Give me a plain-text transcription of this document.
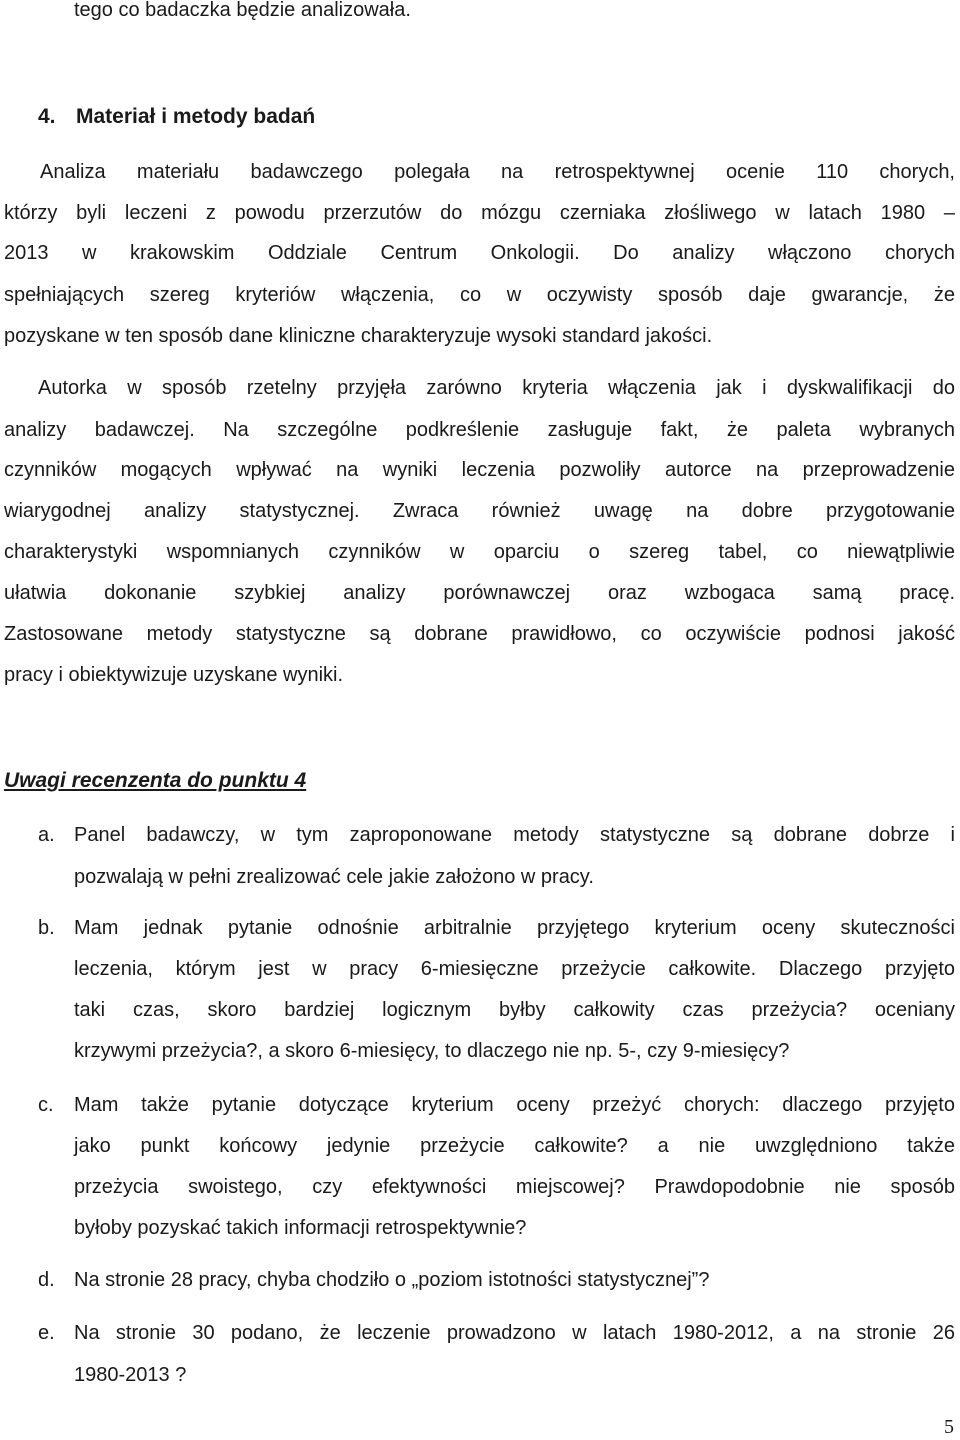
tego co badaczka będzie analizowała.

4. Materiał i metody badań

Analiza materiału badawczego polegała na retrospektywnej ocenie 110 chorych,

którzy byli leczeni z powodu przerzutów do mózgu czerniaka złośliwego w latach 1980 –

2013 w krakowskim Oddziale Centrum Onkologii. Do analizy włączono chorych

spełniających szereg kryteriów włączenia, co w oczywisty sposób daje gwarancje, że

pozyskane w ten sposób dane kliniczne charakteryzuje wysoki standard jakości.

Autorka w sposób rzetelny przyjęła zarówno kryteria włączenia jak i dyskwalifikacji do

analizy badawczej. Na szczególne podkreślenie zasługuje fakt, że paleta wybranych

czynników mogących wpływać na wyniki leczenia pozwoliły autorce na przeprowadzenie

wiarygodnej analizy statystycznej. Zwraca również uwagę na dobre przygotowanie

charakterystyki wspomnianych czynników w oparciu o szereg tabel, co niewątpliwie

ułatwia dokonanie szybkiej analizy porównawczej oraz wzbogaca samą pracę.

Zastosowane metody statystyczne są dobrane prawidłowo, co oczywiście podnosi jakość

pracy i obiektywizuje uzyskane wyniki.

Uwagi recenzenta do punktu 4

a. Panel badawczy, w tym zaproponowane metody statystyczne są dobrane dobrze i

pozwalają w pełni zrealizować cele jakie założono w pracy.

b. Mam jednak pytanie odnośnie arbitralnie przyjętego kryterium oceny skuteczności

leczenia, którym jest w pracy 6-miesięczne przeżycie całkowite. Dlaczego przyjęto

taki czas, skoro bardziej logicznym byłby całkowity czas przeżycia? oceniany

krzywymi przeżycia?, a skoro 6-miesięcy, to dlaczego nie np. 5-, czy 9-miesięcy?

c. Mam także pytanie dotyczące kryterium oceny przeżyć chorych: dlaczego przyjęto

jako punkt końcowy jedynie przeżycie całkowite? a nie uwzględniono także

przeżycia swoistego, czy efektywności miejscowej? Prawdopodobnie nie sposób

byłoby pozyskać takich informacji retrospektywnie?

d. Na stronie 28 pracy, chyba chodziło o „poziom istotności statystycznej”?

e. Na stronie 30 podano, że leczenie prowadzono w latach 1980-2012, a na stronie 26

1980-2013 ?

5
